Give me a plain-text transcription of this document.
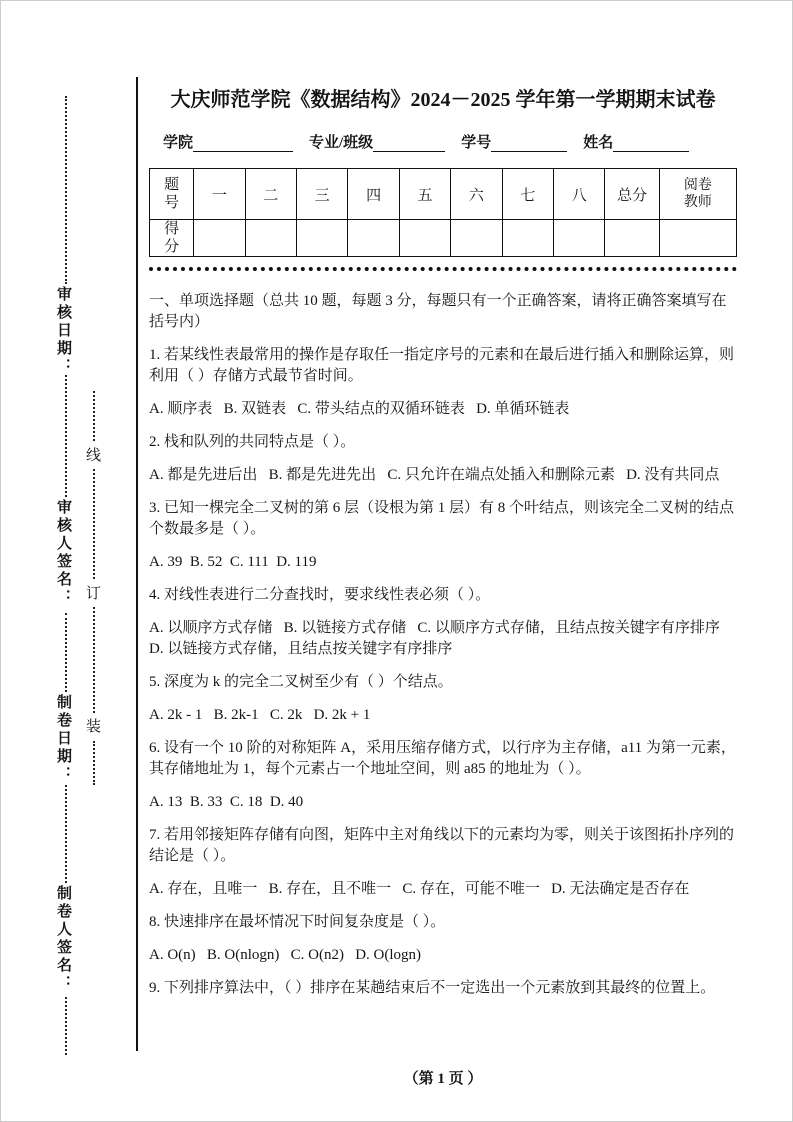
审核日期：
审核人签名：
制卷日期：
制卷人签名：
线
订
装
大庆师范学院《数据结构》2024－2025 学年第一学期期末试卷
学院	专业/班级	学号	姓名
题号	一	二	三	四	五	六	七	八	总分	阅卷教师

得分										

一、单项选择题（总共 10 题，每题 3 分，每题只有一个正确答案，请将正确答案填写在括号内）

1. 若某线性表最常用的操作是存取任一指定序号的元素和在最后进行插入和删除运算，则利用（ ）存储方式最节省时间。

A. 顺序表   B. 双链表   C. 带头结点的双循环链表   D. 单循环链表

2. 栈和队列的共同特点是（ ）。

A. 都是先进后出   B. 都是先进先出   C. 只允许在端点处插入和删除元素   D. 没有共同点

3. 已知一棵完全二叉树的第 6 层（设根为第 1 层）有 8 个叶结点，则该完全二叉树的结点个数最多是（ ）。

A. 39  B. 52  C. 111  D. 119

4. 对线性表进行二分查找时，要求线性表必须（ ）。

A. 以顺序方式存储   B. 以链接方式存储   C. 以顺序方式存储，且结点按关键字有序排序   D. 以链接方式存储，且结点按关键字有序排序

5. 深度为 k 的完全二叉树至少有（ ）个结点。

A. 2k - 1   B. 2k-1   C. 2k   D. 2k + 1

6. 设有一个 10 阶的对称矩阵 A，采用压缩存储方式，以行序为主存储，a11 为第一元素，其存储地址为 1，每个元素占一个地址空间，则 a85 的地址为（ ）。

A. 13  B. 33  C. 18  D. 40

7. 若用邻接矩阵存储有向图，矩阵中主对角线以下的元素均为零，则关于该图拓扑序列的结论是（ ）。

A. 存在，且唯一   B. 存在，且不唯一   C. 存在，可能不唯一   D. 无法确定是否存在

8. 快速排序在最坏情况下时间复杂度是（ ）。

A. O(n)   B. O(nlogn)   C. O(n2)   D. O(logn)

9. 下列排序算法中，（ ）排序在某趟结束后不一定选出一个元素放到其最终的位置上。

（第 1 页 ）
